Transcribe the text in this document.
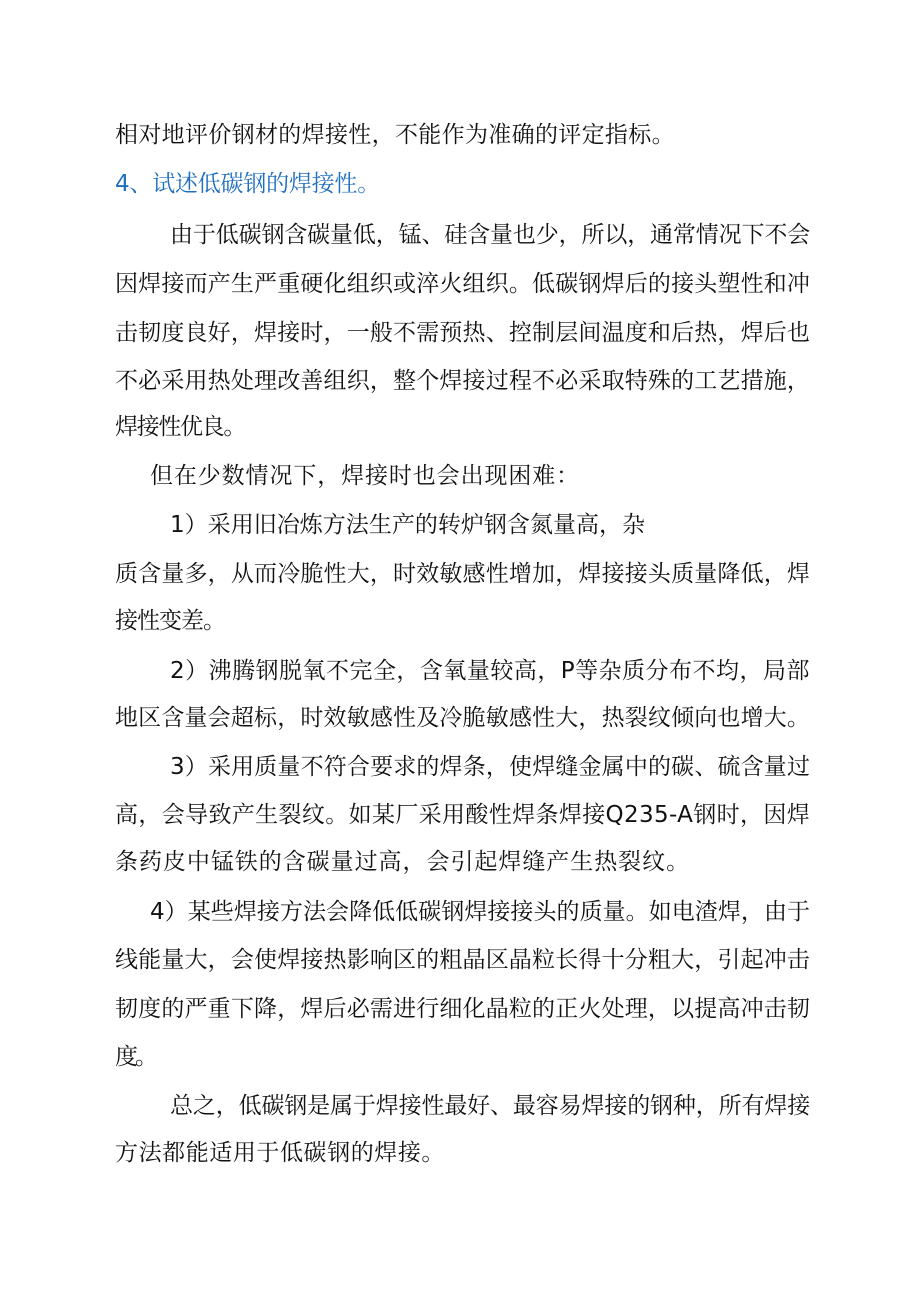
相对地评价钢材的焊接性，不能作为准确的评定指标。
4、试述低碳钢的焊接性。
由于低碳钢含碳量低，锰、硅含量也少，所以，通常情况下不会
因焊接而产生严重硬化组织或淬火组织。低碳钢焊后的接头塑性和冲
击韧度良好，焊接时，一般不需预热、控制层间温度和后热，焊后也
不必采用热处理改善组织，整个焊接过程不必采取特殊的工艺措施，
焊接性优良。
但在少数情况下，焊接时也会出现困难：
1）采用旧冶炼方法生产的转炉钢含氮量高，杂
质含量多，从而冷脆性大，时效敏感性增加，焊接接头质量降低，焊
接性变差。
2）沸腾钢脱氧不完全，含氧量较高，P等杂质分布不均，局部
地区含量会超标，时效敏感性及冷脆敏感性大，热裂纹倾向也增大。
3）采用质量不符合要求的焊条，使焊缝金属中的碳、硫含量过
高，会导致产生裂纹。如某厂采用酸性焊条焊接Q235-A钢时，因焊
条药皮中锰铁的含碳量过高，会引起焊缝产生热裂纹。
4）某些焊接方法会降低低碳钢焊接接头的质量。如电渣焊，由于
线能量大，会使焊接热影响区的粗晶区晶粒长得十分粗大，引起冲击
韧度的严重下降，焊后必需进行细化晶粒的正火处理，以提高冲击韧
度。
总之，低碳钢是属于焊接性最好、最容易焊接的钢种，所有焊接
方法都能适用于低碳钢的焊接。
